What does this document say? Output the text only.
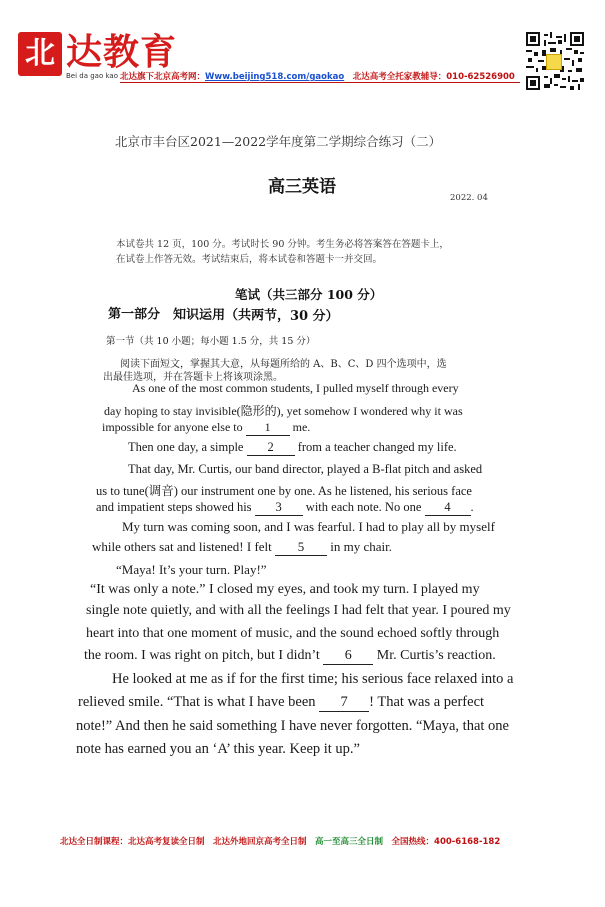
北 达教育
Bei da gao kao 北达旗下北京高考网：Www.beijing518.com/gaokao　 北达高考全托家教辅导：010-62526900
北京市丰台区2021—2022学年度第二学期综合练习（二）
高三英语
2022. 04
本试卷共 12 页，100 分。考试时长 90 分钟。考生务必将答案答在答题卡上，
在试卷上作答无效。考试结束后，将本试卷和答题卡一并交回。
笔试（共三部分 100 分）
第一部分　知识运用（共两节，30 分）
第一节（共 10 小题；每小题 1.5 分，共 15 分）
阅读下面短文，掌握其大意，从每题所给的 A、B、C、D 四个选项中，选
出最佳选项，并在答题卡上将该项涂黑。
As one of the most common students, I pulled myself through every
day hoping to stay invisible(隐形的), yet somehow I wondered why it was
impossible for anyone else to 1 me.
Then one day, a simple 2 from a teacher changed my life.
That day, Mr. Curtis, our band director, played a B-flat pitch and asked
us to tune(调音) our instrument one by one. As he listened, his serious face
and impatient steps showed his 3 with each note. No one 4 .
My turn was coming soon, and I was fearful. I had to play all by myself
while others sat and listened! I felt 5 in my chair.
“Maya! It’s your turn. Play!”
“It was only a note.” I closed my eyes, and took my turn. I played my
single note quietly, and with all the feelings I had felt that year. I poured my
heart into that one moment of music, and the sound echoed softly through
the room. I was right on pitch, but I didn’t 6 Mr. Curtis’s reaction.
He looked at me as if for the first time; his serious face relaxed into a
relieved smile. “That is what I have been 7 ! That was a perfect
note!” And then he said something I have never forgotten. “Maya, that one
note has earned you an ‘A’ this year. Keep it up.”
北达全日制课程：北达高考复读全日制　北达外地回京高考全日制　高一至高三全日制　全国热线：400-6168-182
